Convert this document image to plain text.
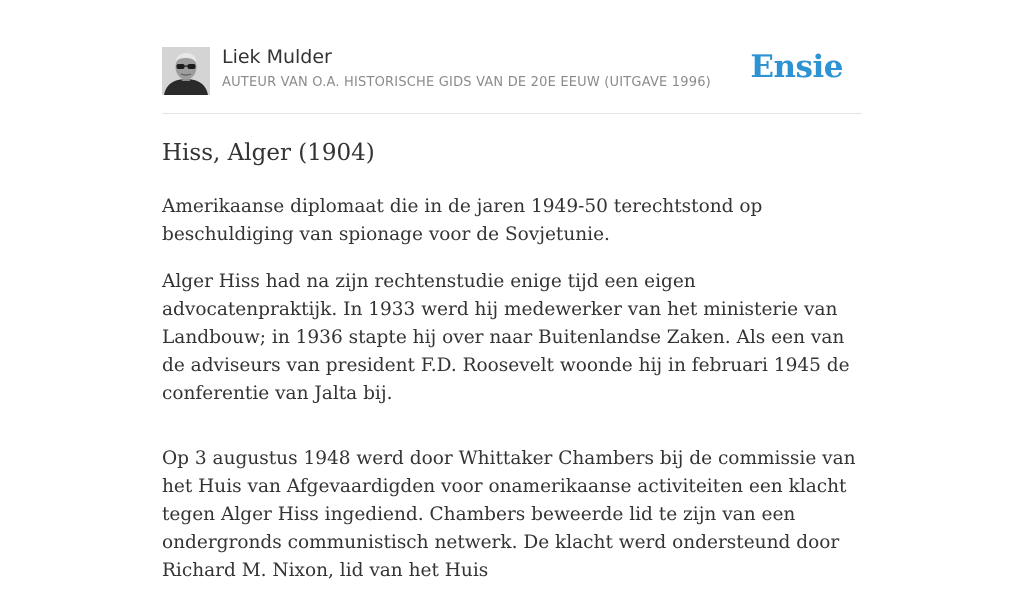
Liek Mulder
AUTEUR VAN O.A. HISTORISCHE GIDS VAN DE 20E EEUW (UITGAVE 1996) Ensie
Hiss, Alger (1904)

Amerikaanse diplomaat die in de jaren 1949-50 terechtstond op beschuldiging van spionage voor de Sovjetunie.

Alger Hiss had na zijn rechtenstudie enige tijd een eigen advocatenpraktijk. In 1933 werd hij medewerker van het ministerie van Landbouw; in 1936 stapte hij over naar Buitenlandse Zaken. Als een van de adviseurs van president F.D. Roosevelt woonde hij in februari 1945 de conferentie van Jalta bij.

Op 3 augustus 1948 werd door Whittaker Chambers bij de commissie van het Huis van Afgevaardigden voor onamerikaanse activiteiten een klacht tegen Alger Hiss ingediend. Chambers beweerde lid te zijn van een ondergronds communistisch netwerk. De klacht werd ondersteund door Richard M. Nixon, lid van het Huis
